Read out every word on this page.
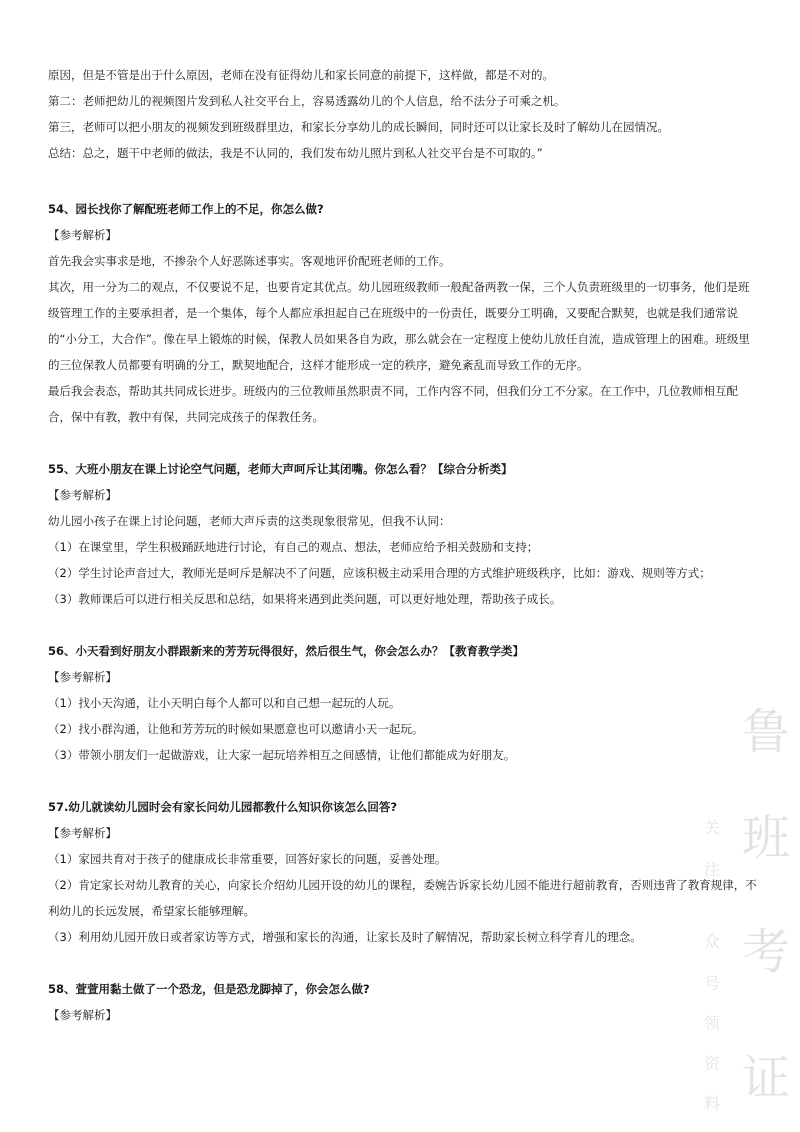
原因，但是不管是出于什么原因，老师在没有征得幼儿和家长同意的前提下，这样做，都是不对的。

第二：老师把幼儿的视频图片发到私人社交平台上，容易透露幼儿的个人信息，给不法分子可乘之机。

第三，老师可以把小朋友的视频发到班级群里边，和家长分享幼儿的成长瞬间，同时还可以让家长及时了解幼儿在园情况。

总结：总之，题干中老师的做法，我是不认同的，我们发布幼儿照片到私人社交平台是不可取的。”

54、园长找你了解配班老师工作上的不足，你怎么做?

【参考解析】

首先我会实事求是地，不掺杂个人好恶陈述事实。客观地评价配班老师的工作。

其次，用一分为二的观点，不仅要说不足，也要肯定其优点。幼儿园班级教师一般配备两教一保，三个人负责班级里的一切事务，他们是班级管理工作的主要承担者，是一个集体，每个人都应承担起自己在班级中的一份责任，既要分工明确，又要配合默契，也就是我们通常说的“小分工，大合作”。像在早上锻炼的时候，保教人员如果各自为政，那么就会在一定程度上使幼儿放任自流，造成管理上的困难。班级里的三位保教人员都要有明确的分工，默契地配合，这样才能形成一定的秩序，避免紊乱而导致工作的无序。

最后我会表态，帮助其共同成长进步。班级内的三位教师虽然职责不同，工作内容不同，但我们分工不分家。在工作中，几位教师相互配合，保中有教，教中有保，共同完成孩子的保教任务。

55、大班小朋友在课上讨论空气问题，老师大声呵斥让其闭嘴。你怎么看？【综合分析类】

【参考解析】

幼儿园小孩子在课上讨论问题，老师大声斥责的这类现象很常见，但我不认同：

（1）在课堂里，学生积极踊跃地进行讨论，有自己的观点、想法，老师应给予相关鼓励和支持；

（2）学生讨论声音过大，教师光是呵斥是解决不了问题，应该积极主动采用合理的方式维护班级秩序，比如：游戏、规则等方式；

（3）教师课后可以进行相关反思和总结，如果将来遇到此类问题，可以更好地处理，帮助孩子成长。

56、小天看到好朋友小群跟新来的芳芳玩得很好，然后很生气，你会怎么办？【教育教学类】

【参考解析】

（1）找小天沟通，让小天明白每个人都可以和自己想一起玩的人玩。

（2）找小群沟通，让他和芳芳玩的时候如果愿意也可以邀请小天一起玩。

（3）带领小朋友们一起做游戏，让大家一起玩培养相互之间感情，让他们都能成为好朋友。

57.幼儿就读幼儿园时会有家长问幼儿园都教什么知识你该怎么回答?

【参考解析】

（1）家园共育对于孩子的健康成长非常重要，回答好家长的问题，妥善处理。

（2）肯定家长对幼儿教育的关心，向家长介绍幼儿园开设的幼儿的课程，委婉告诉家长幼儿园不能进行超前教育，否则违背了教育规律，不利幼儿的长远发展，希望家长能够理解。

（3）利用幼儿园开放日或者家访等方式，增强和家长的沟通，让家长及时了解情况，帮助家长树立科学育儿的理念。

58、萱萱用黏土做了一个恐龙，但是恐龙脚掉了，你会怎么做?

【参考解析】

鲁
班
考
证
关
注
众
号
领
资
料
